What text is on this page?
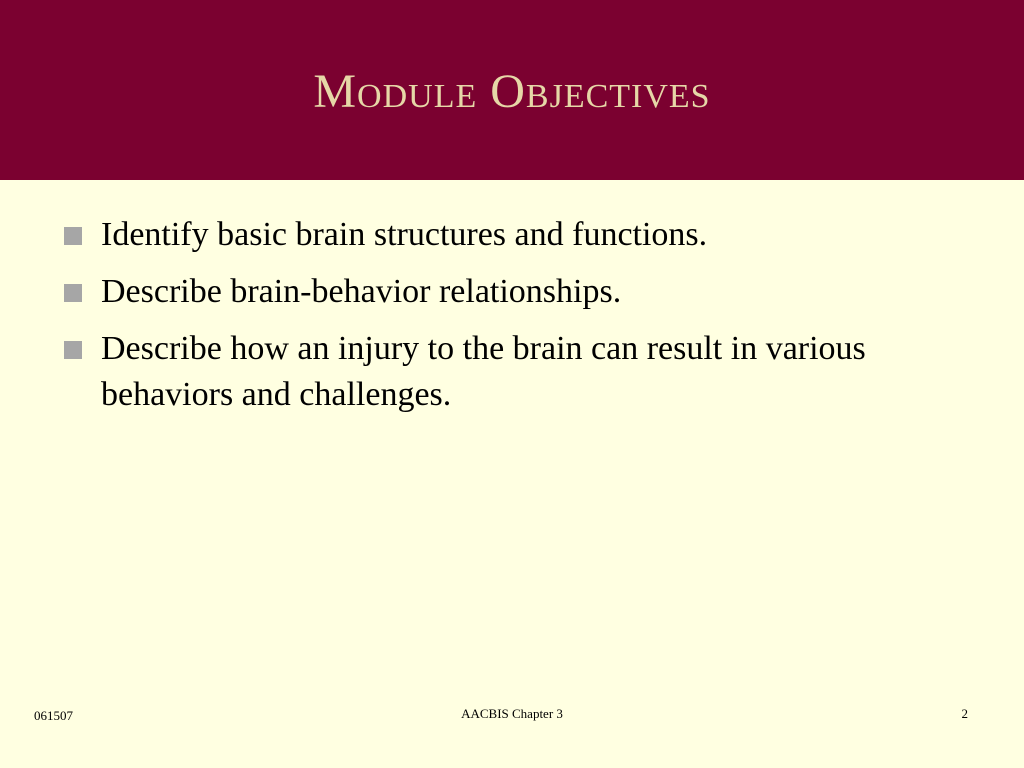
Module Objectives
Identify basic brain structures and functions.
Describe brain-behavior relationships.
Describe how an injury to the brain can result in various behaviors and challenges.
061507	AACBIS Chapter 3	2
